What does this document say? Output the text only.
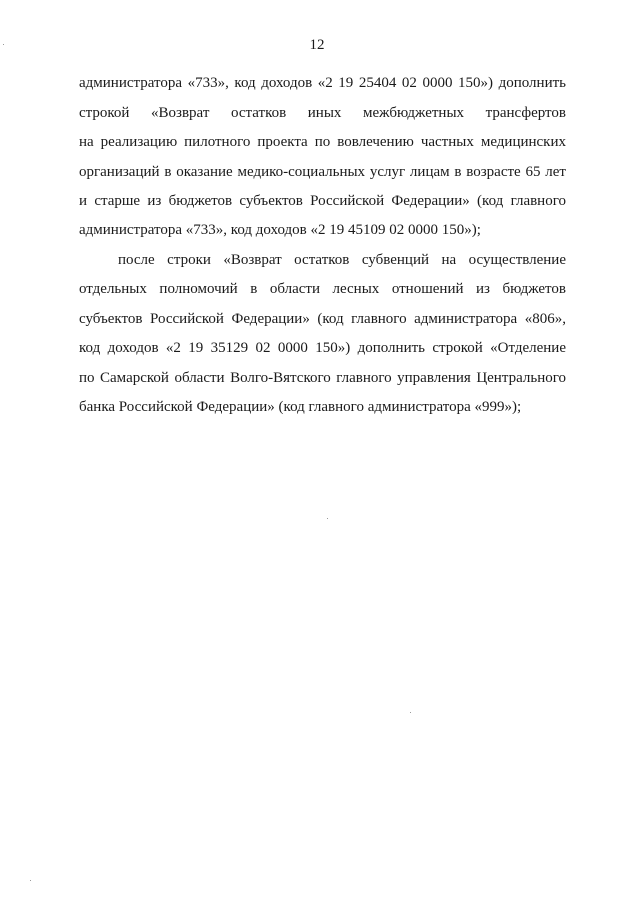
12
администратора «733», код доходов «2 19 25404 02 0000 150») дополнить
строкой «Возврат остатков иных межбюджетных трансфертов
на реализацию пилотного проекта по вовлечению частных медицинских
организаций в оказание медико-социальных услуг лицам в возрасте 65 лет
и старше из бюджетов субъектов Российской Федерации» (код главного
администратора «733», код доходов «2 19 45109 02 0000 150»);
после строки «Возврат остатков субвенций на осуществление
отдельных полномочий в области лесных отношений из бюджетов
субъектов Российской Федерации» (код главного администратора «806»,
код доходов «2 19 35129 02 0000 150») дополнить строкой «Отделение
по Самарской области Волго-Вятского главного управления Центрального
банка Российской Федерации» (код главного администратора «999»);
